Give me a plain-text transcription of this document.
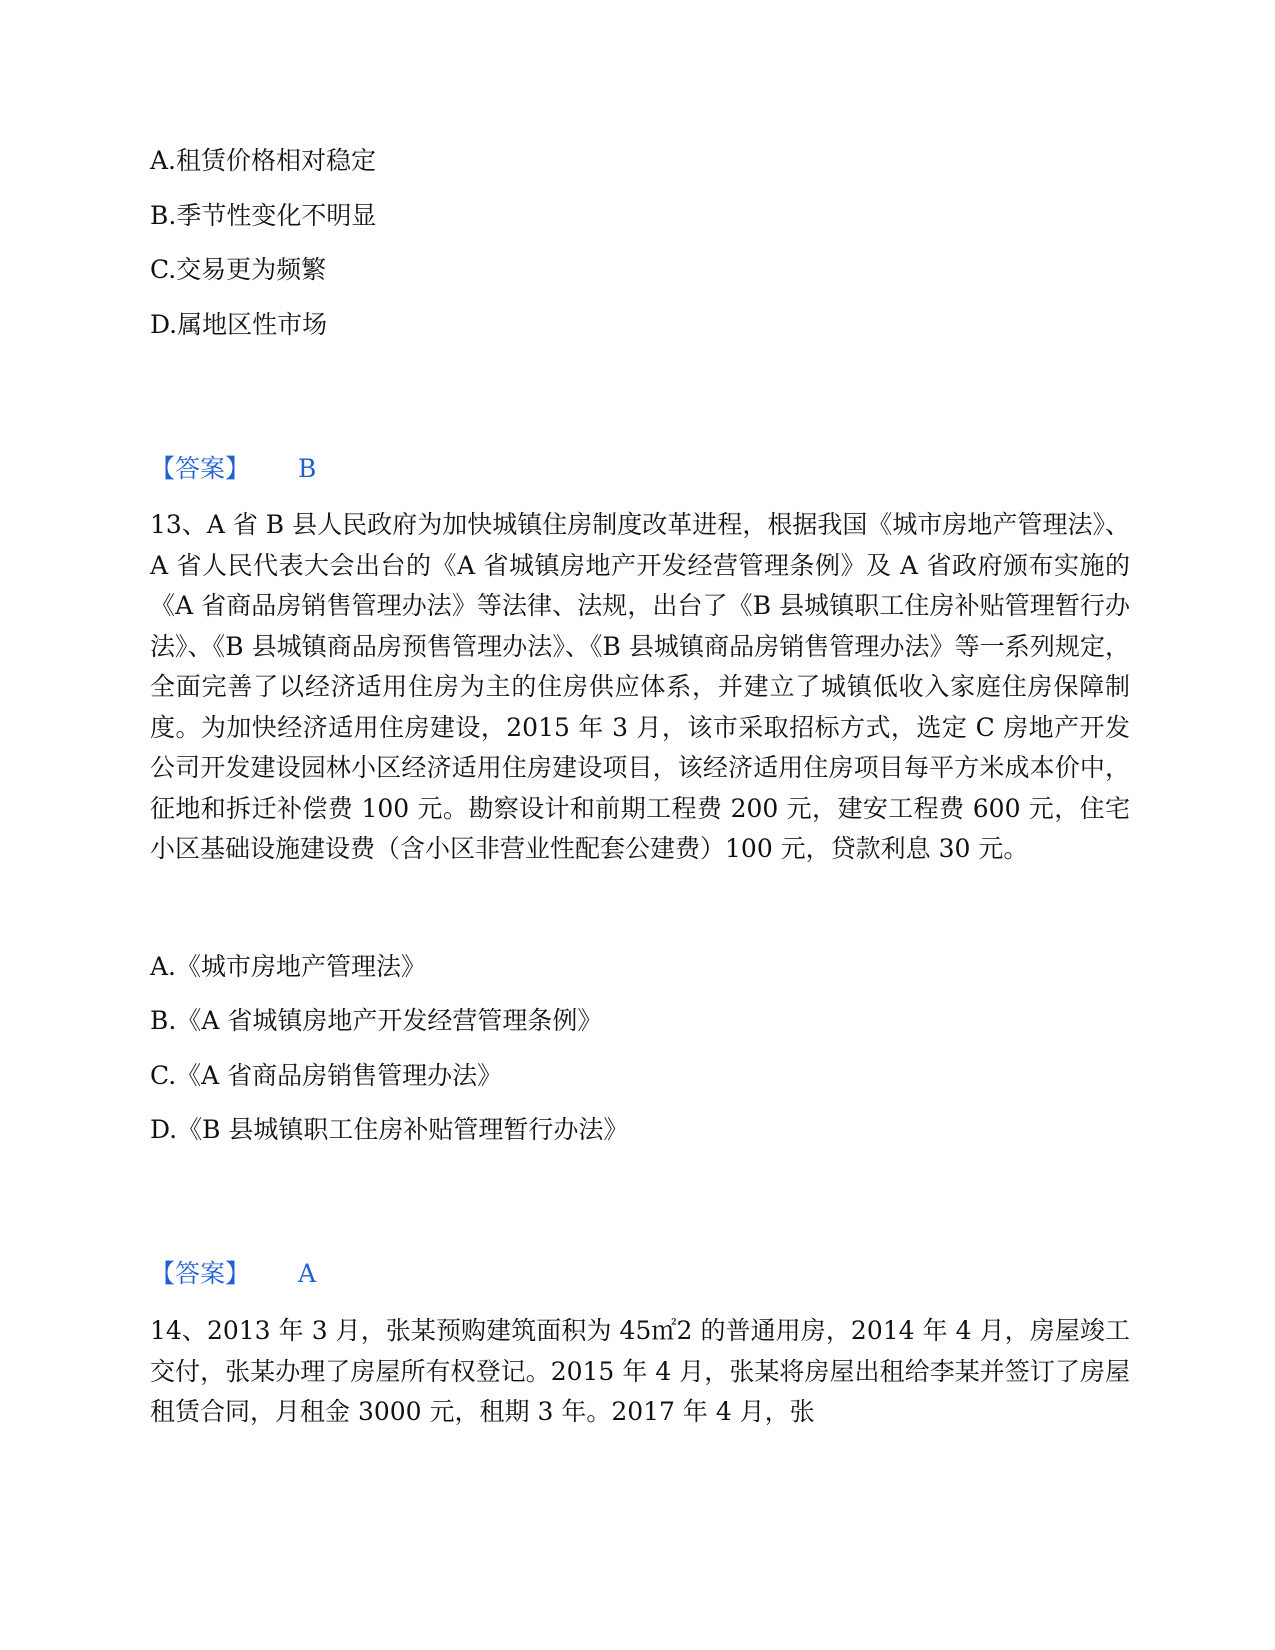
A.租赁价格相对稳定
B.季节性变化不明显
C.交易更为频繁
D.属地区性市场
【答案】 B
13、A 省 B 县人民政府为加快城镇住房制度改革进程，根据我国《城市房地产管理法》、A 省人民代表大会出台的《A 省城镇房地产开发经营管理条例》及 A 省政府颁布实施的《A 省商品房销售管理办法》等法律、法规，出台了《B 县城镇职工住房补贴管理暂行办法》、《B 县城镇商品房预售管理办法》、《B 县城镇商品房销售管理办法》等一系列规定，全面完善了以经济适用住房为主的住房供应体系，并建立了城镇低收入家庭住房保障制度。为加快经济适用住房建设，2015 年 3 月，该市采取招标方式，选定 C 房地产开发公司开发建设园林小区经济适用住房建设项目，该经济适用住房项目每平方米成本价中，征地和拆迁补偿费 100 元。勘察设计和前期工程费 200 元，建安工程费 600 元，住宅小区基础设施建设费（含小区非营业性配套公建费）100 元，贷款利息 30 元。
A.《城市房地产管理法》
B.《A 省城镇房地产开发经营管理条例》
C.《A 省商品房销售管理办法》
D.《B 县城镇职工住房补贴管理暂行办法》
【答案】 A
14、2013 年 3 月，张某预购建筑面积为 45㎡2 的普通用房，2014 年 4 月，房屋竣工交付，张某办理了房屋所有权登记。2015 年 4 月，张某将房屋出租给李某并签订了房屋租赁合同，月租金 3000 元，租期 3 年。2017 年 4 月，张
